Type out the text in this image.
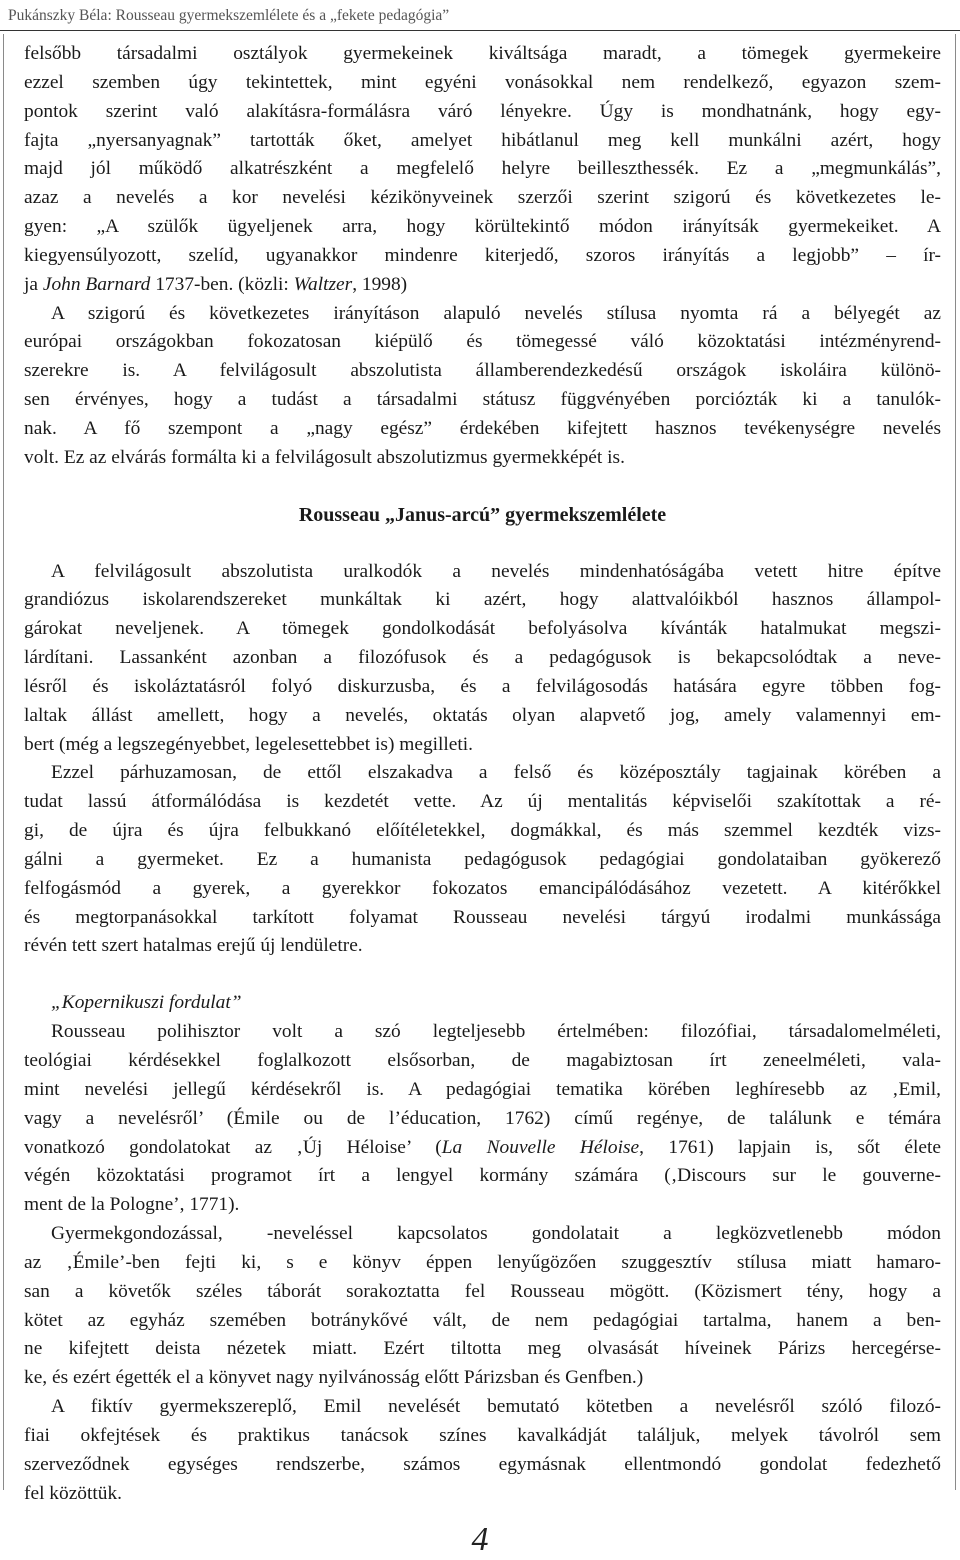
Pukánszky Béla: Rousseau gyermekszemlélete és a „fekete pedagógia”
felsőbb társadalmi osztályok gyermekeinek kiváltsága maradt, a tömegek gyermekeire
ezzel szemben úgy tekintettek, mint egyéni vonásokkal nem rendelkező, egyazon szem-
pontok szerint való alakításra-formálásra váró lényekre. Úgy is mondhatnánk, hogy egy-
fajta „nyersanyagnak” tartották őket, amelyet hibátlanul meg kell munkálni azért, hogy
majd jól működő alkatrészként a megfelelő helyre beilleszthessék. Ez a „megmunkálás”,
azaz a nevelés a kor nevelési kézikönyveinek szerzői szerint szigorú és következetes le-
gyen: „A szülők ügyeljenek arra, hogy körültekintő módon irányítsák gyermekeiket. A
kiegyensúlyozott, szelíd, ugyanakkor mindenre kiterjedő, szoros irányítás a legjobb” – ír-
ja John Barnard 1737-ben. (közli: Waltzer, 1998)
A szigorú és következetes irányításon alapuló nevelés stílusa nyomta rá a bélyegét az
európai országokban fokozatosan kiépülő és tömegessé váló közoktatási intézményrend-
szerekre is. A felvilágosult abszolutista államberendezkedésű országok iskoláira különö-
sen érvényes, hogy a tudást a társadalmi státusz függvényében porciózták ki a tanulók-
nak. A fő szempont a „nagy egész” érdekében kifejtett hasznos tevékenységre nevelés
volt. Ez az elvárás formálta ki a felvilágosult abszolutizmus gyermekképét is.
Rousseau „Janus-arcú” gyermekszemlélete
A felvilágosult abszolutista uralkodók a nevelés mindenhatóságába vetett hitre építve
grandiózus iskolarendszereket munkáltak ki azért, hogy alattvalóikból hasznos állampol-
gárokat neveljenek. A tömegek gondolkodását befolyásolva kívánták hatalmukat megszi-
lárdítani. Lassanként azonban a filozófusok és a pedagógusok is bekapcsolódtak a neve-
lésről és iskoláztatásról folyó diskurzusba, és a felvilágosodás hatására egyre többen fog-
laltak állást amellett, hogy a nevelés, oktatás olyan alapvető jog, amely valamennyi em-
bert (még a legszegényebbet, legelesettebbet is) megilleti.
Ezzel párhuzamosan, de ettől elszakadva a felső és középosztály tagjainak körében a
tudat lassú átformálódása is kezdetét vette. Az új mentalitás képviselői szakítottak a ré-
gi, de újra és újra felbukkanó előítéletekkel, dogmákkal, és más szemmel kezdték vizs-
gálni a gyermeket. Ez a humanista pedagógusok pedagógiai gondolataiban gyökerező
felfogásmód a gyerek, a gyerekkor fokozatos emancipálódásához vezetett. A kitérőkkel
és megtorpanásokkal tarkított folyamat Rousseau nevelési tárgyú irodalmi munkássága
révén tett szert hatalmas erejű új lendületre.
„Kopernikuszi fordulat”
Rousseau polihisztor volt a szó legteljesebb értelmében: filozófiai, társadalomelméleti,
teológiai kérdésekkel foglalkozott elsősorban, de magabiztosan írt zeneelméleti, vala-
mint nevelési jellegű kérdésekről is. A pedagógiai tematika körében leghíresebb az ‚Emil,
vagy a nevelésről’ (Émile ou de l’éducation, 1762) című regénye, de találunk e témára
vonatkozó gondolatokat az ‚Új Héloise’ (La Nouvelle Héloise, 1761) lapjain is, sőt élete
végén közoktatási programot írt a lengyel kormány számára (‚Discours sur le gouverne-
ment de la Pologne’, 1771).
Gyermekgondozással, -neveléssel kapcsolatos gondolatait a legközvetlenebb módon
az ‚Émile’-ben fejti ki, s e könyv éppen lenyűgözően szuggesztív stílusa miatt hamaro-
san a követők széles táborát sorakoztatta fel Rousseau mögött. (Közismert tény, hogy a
kötet az egyház szemében botránykővé vált, de nem pedagógiai tartalma, hanem a ben-
ne kifejtett deista nézetek miatt. Ezért tiltotta meg olvasását híveinek Párizs hercegérse-
ke, és ezért égették el a könyvet nagy nyilvánosság előtt Párizsban és Genfben.)
A fiktív gyermekszereplő, Emil nevelését bemutató kötetben a nevelésről szóló filozó-
fiai okfejtések és praktikus tanácsok színes kavalkádját találjuk, melyek távolról sem
szerveződnek egységes rendszerbe, számos egymásnak ellentmondó gondolat fedezhető
fel közöttük.
4
